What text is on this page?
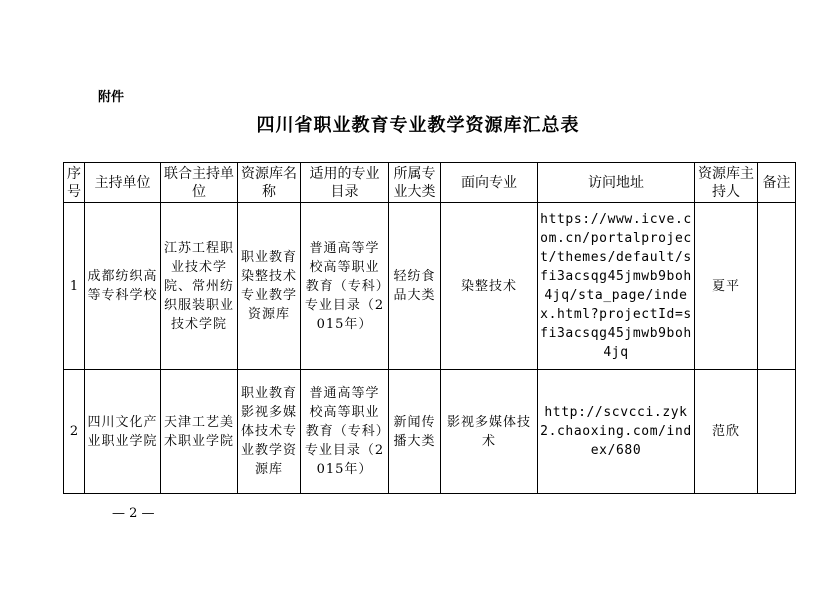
附件
四川省职业教育专业教学资源库汇总表
序号	主持单位	联合主持单位	资源库名称	适用的专业目录	所属专业大类	面向专业	访问地址	资源库主持人	备注
1	成都纺织高等专科学校	江苏工程职业技术学院、常州纺织服装职业技术学院	职业教育染整技术专业教学资源库	普通高等学校高等职业教育（专科）专业目录（2015年）	轻纺食品大类	染整技术	https://www.icve.com.cn/portalproject/themes/default/sfi3acsqg45jmwb9boh4jq/sta_page/index.html?projectId=sfi3acsqg45jmwb9boh4jq	夏平	
2	四川文化产业职业学院	天津工艺美术职业学院	职业教育影视多媒体技术专业教学资源库	普通高等学校高等职业教育（专科）专业目录（2015年）	新闻传播大类	影视多媒体技术	http://scvcci.zyk2.chaoxing.com/index/680	范欣	
— 2 —
